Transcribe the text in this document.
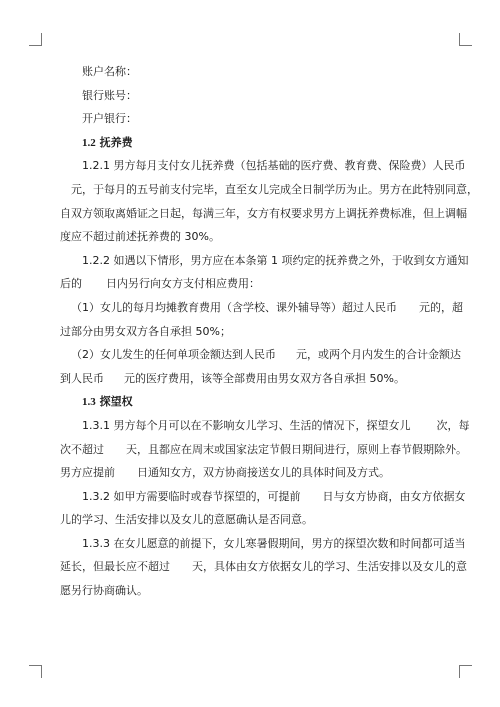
账户名称：
银行账号：
开户银行：
1.2 抚养费
1.2.1 男方每月支付女儿抚养费（包括基础的医疗费、教育费、保险费）人民币
元，于每月的五号前支付完毕，直至女儿完成全日制学历为止。男方在此特别同意，
自双方领取离婚证之日起，每满三年，女方有权要求男方上调抚养费标准，但上调幅
度应不超过前述抚养费的 30%。
1.2.2 如遇以下情形，男方应在本条第 1 项约定的抚养费之外，于收到女方通知
后的 日内另行向女方支付相应费用：
（1）女儿的每月均摊教育费用（含学校、课外辅导等）超过人民币 元的，超
过部分由男女双方各自承担 50%；
（2）女儿发生的任何单项金额达到人民币 元，或两个月内发生的合计金额达
到人民币 元的医疗费用，该等全部费用由男女双方各自承担 50%。
1.3 探望权
1.3.1 男方每个月可以在不影响女儿学习、生活的情况下，探望女儿 次，每
次不超过 天，且都应在周末或国家法定节假日期间进行，原则上春节假期除外。
男方应提前 日通知女方，双方协商接送女儿的具体时间及方式。
1.3.2 如甲方需要临时或春节探望的，可提前 日与女方协商，由女方依据女
儿的学习、生活安排以及女儿的意愿确认是否同意。
1.3.3 在女儿愿意的前提下，女儿寒暑假期间，男方的探望次数和时间都可适当
延长，但最长应不超过 天，具体由女方依据女儿的学习、生活安排以及女儿的意
愿另行协商确认。
